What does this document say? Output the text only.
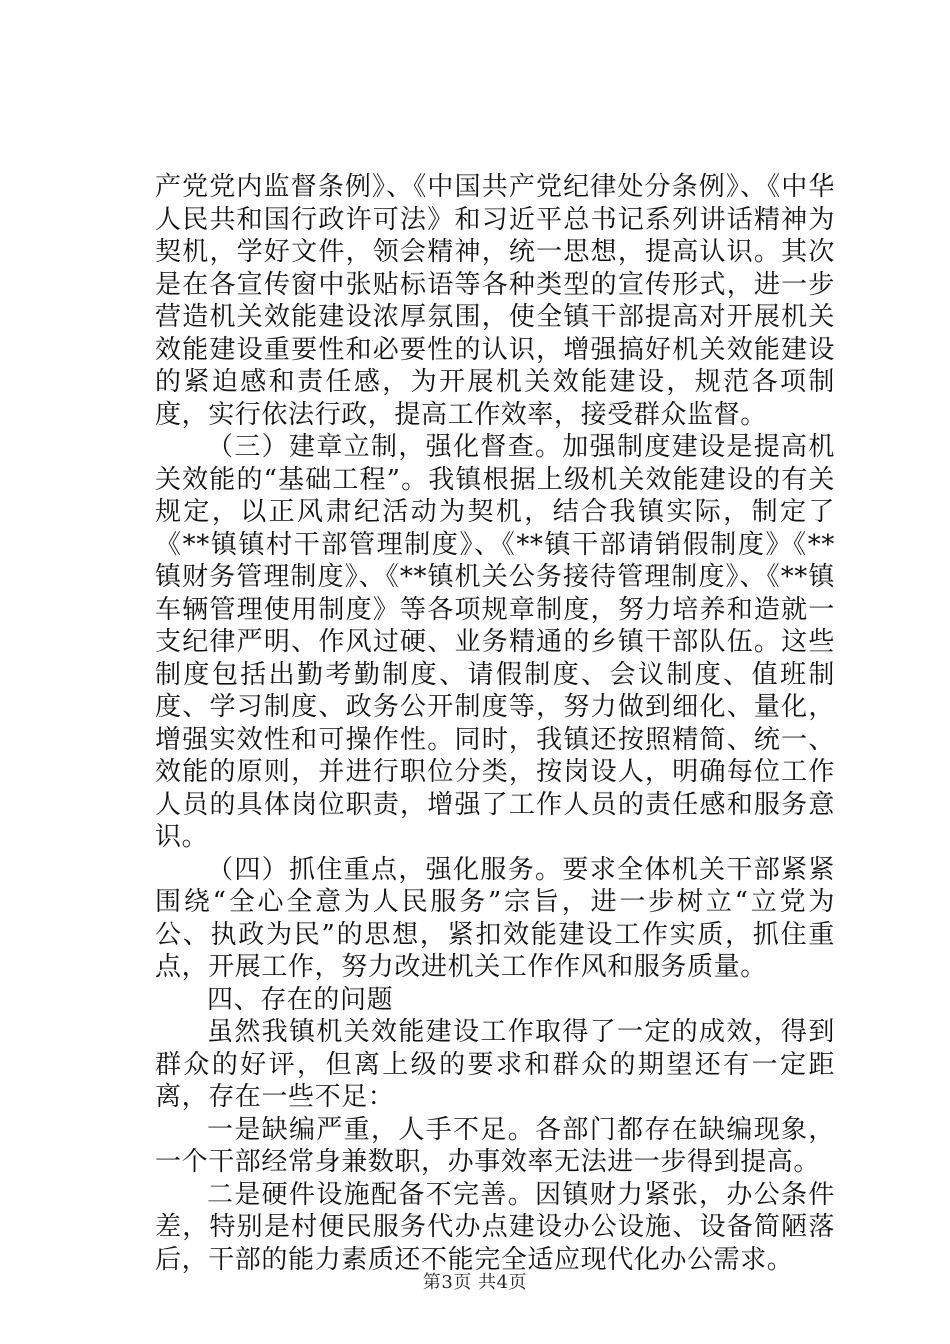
产党党内监督条例》、《中国共产党纪律处分条例》、《中华人民共和国行政许可法》和习近平总书记系列讲话精神为契机，学好文件，领会精神，统一思想，提高认识。其次是在各宣传窗中张贴标语等各种类型的宣传形式，进一步营造机关效能建设浓厚氛围，使全镇干部提高对开展机关效能建设重要性和必要性的认识，增强搞好机关效能建设的紧迫感和责任感，为开展机关效能建设，规范各项制度，实行依法行政，提高工作效率，接受群众监督。

（三）建章立制，强化督查。加强制度建设是提高机关效能的“基础工程”。我镇根据上级机关效能建设的有关规定，以正风肃纪活动为契机，结合我镇实际，制定了《**镇镇村干部管理制度》、《**镇干部请销假制度》《**镇财务管理制度》、《**镇机关公务接待管理制度》、《**镇车辆管理使用制度》等各项规章制度，努力培养和造就一支纪律严明、作风过硬、业务精通的乡镇干部队伍。这些制度包括出勤考勤制度、请假制度、会议制度、值班制度、学习制度、政务公开制度等，努力做到细化、量化，增强实效性和可操作性。同时，我镇还按照精简、统一、效能的原则，并进行职位分类，按岗设人，明确每位工作人员的具体岗位职责，增强了工作人员的责任感和服务意识。

（四）抓住重点，强化服务。要求全体机关干部紧紧围绕“全心全意为人民服务”宗旨，进一步树立“立党为公、执政为民”的思想，紧扣效能建设工作实质，抓住重点，开展工作，努力改进机关工作作风和服务质量。

四、存在的问题

虽然我镇机关效能建设工作取得了一定的成效，得到群众的好评，但离上级的要求和群众的期望还有一定距离，存在一些不足：

一是缺编严重，人手不足。各部门都存在缺编现象，一个干部经常身兼数职，办事效率无法进一步得到提高。

二是硬件设施配备不完善。因镇财力紧张，办公条件差，特别是村便民服务代办点建设办公设施、设备简陋落后，干部的能力素质还不能完全适应现代化办公需求。

第3页 共4页
